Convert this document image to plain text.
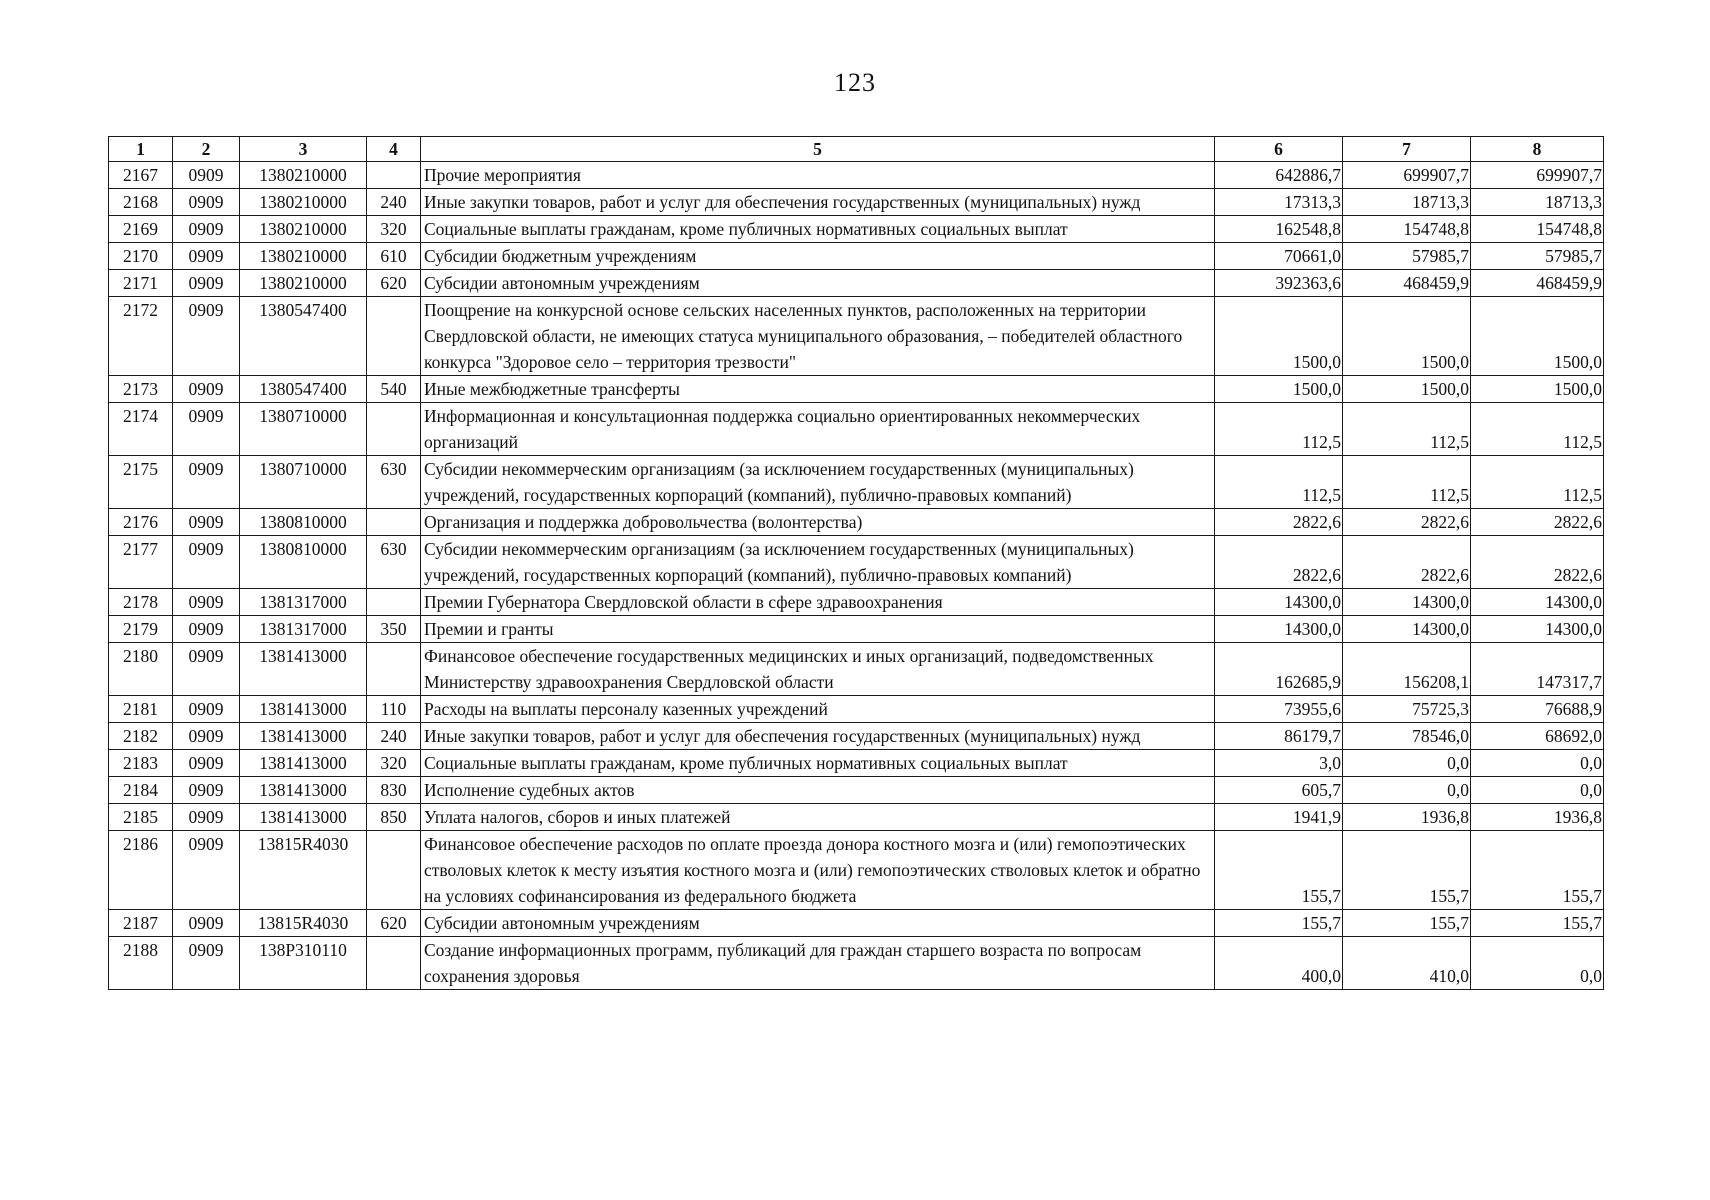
123
1	2	3	4	5	6	7	8
2167	0909	1380210000		Прочие мероприятия	642886,7	699907,7	699907,7
2168	0909	1380210000	240	Иные закупки товаров, работ и услуг для обеспечения государственных (муниципальных) нужд	17313,3	18713,3	18713,3
2169	0909	1380210000	320	Социальные выплаты гражданам, кроме публичных нормативных социальных выплат	162548,8	154748,8	154748,8
2170	0909	1380210000	610	Субсидии бюджетным учреждениям	70661,0	57985,7	57985,7
2171	0909	1380210000	620	Субсидии автономным учреждениям	392363,6	468459,9	468459,9
2172	0909	1380547400		Поощрение на конкурсной основе сельских населенных пунктов, расположенных на территории Свердловской области, не имеющих статуса муниципального образования, – победителей областного конкурса "Здоровое село – территория трезвости"	1500,0	1500,0	1500,0
2173	0909	1380547400	540	Иные межбюджетные трансферты	1500,0	1500,0	1500,0
2174	0909	1380710000		Информационная и консультационная поддержка социально ориентированных некоммерческих организаций	112,5	112,5	112,5
2175	0909	1380710000	630	Субсидии некоммерческим организациям (за исключением государственных (муниципальных) учреждений, государственных корпораций (компаний), публично-правовых компаний)	112,5	112,5	112,5
2176	0909	1380810000		Организация и поддержка добровольчества (волонтерства)	2822,6	2822,6	2822,6
2177	0909	1380810000	630	Субсидии некоммерческим организациям (за исключением государственных (муниципальных) учреждений, государственных корпораций (компаний), публично-правовых компаний)	2822,6	2822,6	2822,6
2178	0909	1381317000		Премии Губернатора Свердловской области в сфере здравоохранения	14300,0	14300,0	14300,0
2179	0909	1381317000	350	Премии и гранты	14300,0	14300,0	14300,0
2180	0909	1381413000		Финансовое обеспечение государственных медицинских и иных организаций, подведомственных Министерству здравоохранения Свердловской области	162685,9	156208,1	147317,7
2181	0909	1381413000	110	Расходы на выплаты персоналу казенных учреждений	73955,6	75725,3	76688,9
2182	0909	1381413000	240	Иные закупки товаров, работ и услуг для обеспечения государственных (муниципальных) нужд	86179,7	78546,0	68692,0
2183	0909	1381413000	320	Социальные выплаты гражданам, кроме публичных нормативных социальных выплат	3,0	0,0	0,0
2184	0909	1381413000	830	Исполнение судебных актов	605,7	0,0	0,0
2185	0909	1381413000	850	Уплата налогов, сборов и иных платежей	1941,9	1936,8	1936,8
2186	0909	13815R4030		Финансовое обеспечение расходов по оплате проезда донора костного мозга и (или) гемопоэтических стволовых клеток к месту изъятия костного мозга и (или) гемопоэтических стволовых клеток и обратно на условиях софинансирования из федерального бюджета	155,7	155,7	155,7
2187	0909	13815R4030	620	Субсидии автономным учреждениям	155,7	155,7	155,7
2188	0909	138P310110		Создание информационных программ, публикаций для граждан старшего возраста по вопросам сохранения здоровья	400,0	410,0	0,0
